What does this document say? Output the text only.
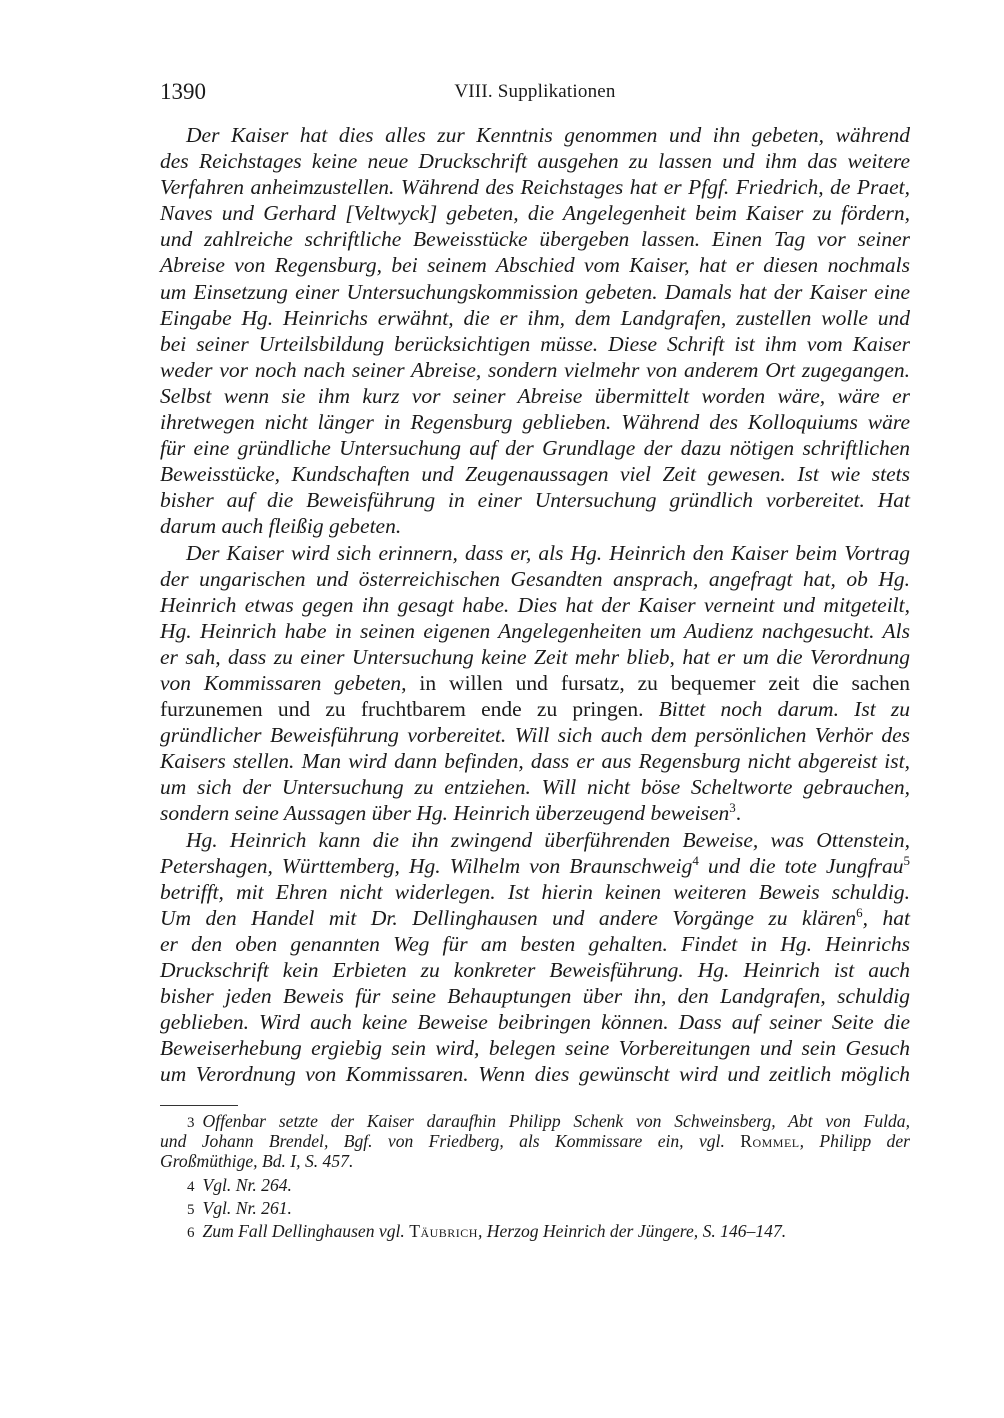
1390	VIII. Supplikationen
Der Kaiser hat dies alles zur Kenntnis genommen und ihn gebeten, während
des Reichstages keine neue Druckschrift ausgehen zu lassen und ihm das weitere
Verfahren anheimzustellen. Während des Reichstages hat er Pfgf. Friedrich, de Praet,
Naves und Gerhard [Veltwyck] gebeten, die Angelegenheit beim Kaiser zu fördern,
und zahlreiche schriftliche Beweisstücke übergeben lassen. Einen Tag vor seiner
Abreise von Regensburg, bei seinem Abschied vom Kaiser, hat er diesen nochmals
um Einsetzung einer Untersuchungskommission gebeten. Damals hat der Kaiser eine
Eingabe Hg. Heinrichs erwähnt, die er ihm, dem Landgrafen, zustellen wolle und
bei seiner Urteilsbildung berücksichtigen müsse. Diese Schrift ist ihm vom Kaiser
weder vor noch nach seiner Abreise, sondern vielmehr von anderem Ort zugegangen.
Selbst wenn sie ihm kurz vor seiner Abreise übermittelt worden wäre, wäre er
ihretwegen nicht länger in Regensburg geblieben. Während des Kolloquiums wäre
für eine gründliche Untersuchung auf der Grundlage der dazu nötigen schriftlichen
Beweisstücke, Kundschaften und Zeugenaussagen viel Zeit gewesen. Ist wie stets
bisher auf die Beweisführung in einer Untersuchung gründlich vorbereitet. Hat
darum auch fleißig gebeten.
Der Kaiser wird sich erinnern, dass er, als Hg. Heinrich den Kaiser beim Vortrag
der ungarischen und österreichischen Gesandten ansprach, angefragt hat, ob Hg.
Heinrich etwas gegen ihn gesagt habe. Dies hat der Kaiser verneint und mitgeteilt,
Hg. Heinrich habe in seinen eigenen Angelegenheiten um Audienz nachgesucht. Als
er sah, dass zu einer Untersuchung keine Zeit mehr blieb, hat er um die Verordnung
von Kommissaren gebeten, in willen und fursatz, zu bequemer zeit die sachen
furzunemen und zu fruchtbarem ende zu pringen. Bittet noch darum. Ist zu
gründlicher Beweisführung vorbereitet. Will sich auch dem persönlichen Verhör des
Kaisers stellen. Man wird dann befinden, dass er aus Regensburg nicht abgereist ist,
um sich der Untersuchung zu entziehen. Will nicht böse Scheltworte gebrauchen,
sondern seine Aussagen über Hg. Heinrich überzeugend beweisen$^3$.
Hg. Heinrich kann die ihn zwingend überführenden Beweise, was Ottenstein,
Petershagen, Württemberg, Hg. Wilhelm von Braunschweig$^4$ und die tote Jungfrau$^5$
betrifft, mit Ehren nicht widerlegen. Ist hierin keinen weiteren Beweis schuldig.
Um den Handel mit Dr. Dellinghausen und andere Vorgänge zu klären$^6$, hat
er den oben genannten Weg für am besten gehalten. Findet in Hg. Heinrichs
Druckschrift kein Erbieten zu konkreter Beweisführung. Hg. Heinrich ist auch
bisher jeden Beweis für seine Behauptungen über ihn, den Landgrafen, schuldig
geblieben. Wird auch keine Beweise beibringen können. Dass auf seiner Seite die
Beweiserhebung ergiebig sein wird, belegen seine Vorbereitungen und sein Gesuch
um Verordnung von Kommissaren. Wenn dies gewünscht wird und zeitlich möglich
3 Offenbar setzte der Kaiser daraufhin Philipp Schenk von Schweinsberg, Abt von Fulda,
und Johann Brendel, Bgf. von Friedberg, als Kommissare ein, vgl. Rommel, Philipp der
Großmüthige, Bd. I, S. 457.
4 Vgl. Nr. 264.
5 Vgl. Nr. 261.
6 Zum Fall Dellinghausen vgl. Täubrich, Herzog Heinrich der Jüngere, S. 146–147.
